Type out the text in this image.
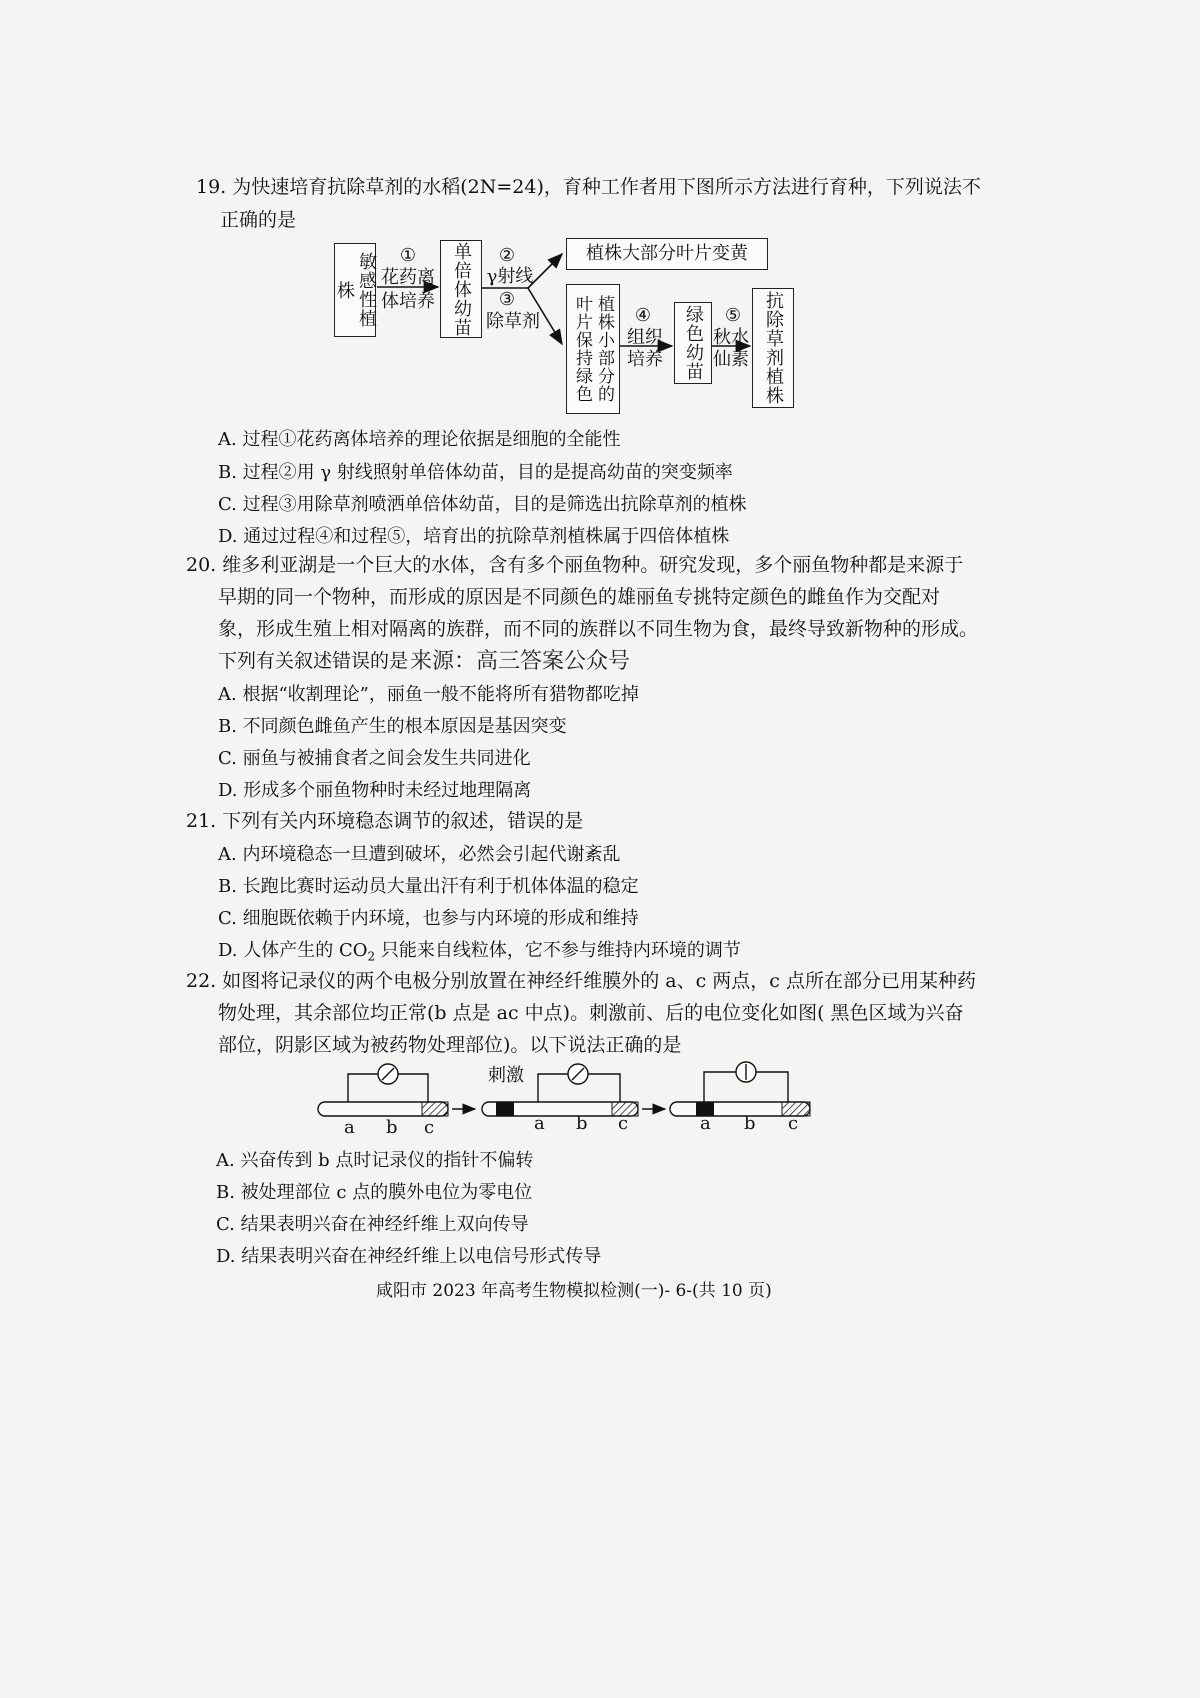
19. 为快速培育抗除草剂的水稻(2N=24)，育种工作者用下图所示方法进行育种，下列说法不
正确的是
敏感性植株
①
花药离
体培养 单倍体幼苗	②
γ射线
③
除草剂
植株大部分叶片变黄
植株小部分的叶片保持绿色	④
组织
培养 绿色幼苗	⑤
秋水
仙素 抗除草剂植株
A. 过程①花药离体培养的理论依据是细胞的全能性
B. 过程②用 γ 射线照射单倍体幼苗，目的是提高幼苗的突变频率
C. 过程③用除草剂喷洒单倍体幼苗，目的是筛选出抗除草剂的植株
D. 通过过程④和过程⑤，培育出的抗除草剂植株属于四倍体植株
20. 维多利亚湖是一个巨大的水体，含有多个丽鱼物种。研究发现，多个丽鱼物种都是来源于
早期的同一个物种，而形成的原因是不同颜色的雄丽鱼专挑特定颜色的雌鱼作为交配对
象，形成生殖上相对隔离的族群，而不同的族群以不同生物为食，最终导致新物种的形成。
下列有关叙述错误的是 来源：高三答案公众号
A. 根据“收割理论”，丽鱼一般不能将所有猎物都吃掉
B. 不同颜色雌鱼产生的根本原因是基因突变
C. 丽鱼与被捕食者之间会发生共同进化
D. 形成多个丽鱼物种时未经过地理隔离
21. 下列有关内环境稳态调节的叙述，错误的是
A. 内环境稳态一旦遭到破坏，必然会引起代谢紊乱
B. 长跑比赛时运动员大量出汗有利于机体体温的稳定
C. 细胞既依赖于内环境，也参与内环境的形成和维持
D. 人体产生的 $CO_2$ 只能来自线粒体，它不参与维持内环境的调节
22. 如图将记录仪的两个电极分别放置在神经纤维膜外的 a、c 两点，c 点所在部分已用某种药
物处理，其余部位均正常(b 点是 ac 中点)。刺激前、后的电位变化如图( 黑色区域为兴奋
部位，阴影区域为被药物处理部位)。以下说法正确的是
刺激
a b c	a b c	a b c
A. 兴奋传到 b 点时记录仪的指针不偏转
B. 被处理部位 c 点的膜外电位为零电位
C. 结果表明兴奋在神经纤维上双向传导
D. 结果表明兴奋在神经纤维上以电信号形式传导
咸阳市 2023 年高考生物模拟检测(一)- 6-(共 10 页)
